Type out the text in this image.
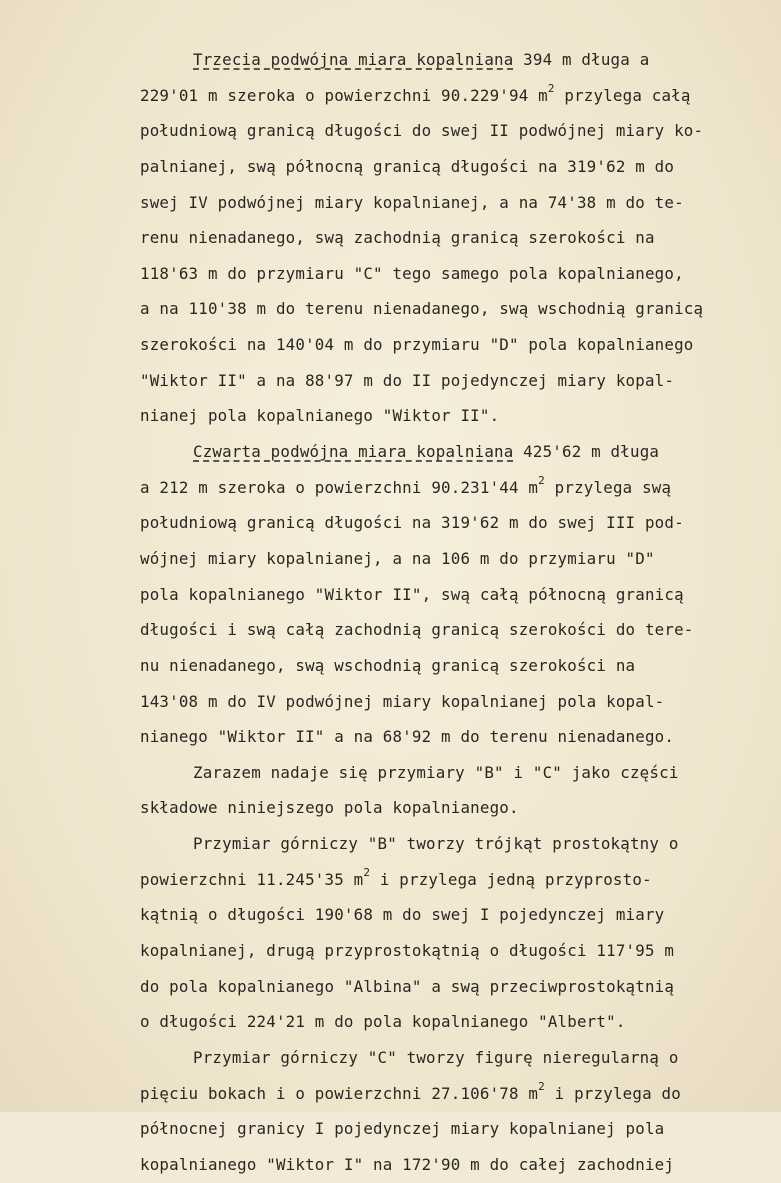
Trzecia podwójna miara kopalniana 394 m długa a
229'01 m szeroka o powierzchni 90.229'94 $m^2$ przylega całą
południową granicą długości do swej II podwójnej miary ko-
palnianej, swą północną granicą długości na 319'62 m do
swej IV podwójnej miary kopalnianej, a na 74'38 m do te-
renu nienadanego, swą zachodnią granicą szerokości na
118'63 m do przymiaru "C" tego samego pola kopalnianego,
a na 110'38 m do terenu nienadanego, swą wschodnią granicą
szerokości na 140'04 m do przymiaru "D" pola kopalnianego
"Wiktor II" a na 88'97 m do II pojedynczej miary kopal-
nianej pola kopalnianego "Wiktor II".
Czwarta podwójna miara kopalniana 425'62 m długa
a 212 m szeroka o powierzchni 90.231'44 $m^2$ przylega swą
południową granicą długości na 319'62 m do swej III pod-
wójnej miary kopalnianej, a na 106 m do przymiaru "D"
pola kopalnianego "Wiktor II", swą całą północną granicą
długości i swą całą zachodnią granicą szerokości do tere-
nu nienadanego, swą wschodnią granicą szerokości na
143'08 m do IV podwójnej miary kopalnianej pola kopal-
nianego "Wiktor II" a na 68'92 m do terenu nienadanego.
Zarazem nadaje się przymiary "B" i "C" jako części
składowe niniejszego pola kopalnianego.
Przymiar górniczy "B" tworzy trójkąt prostokątny o
powierzchni 11.245'35 $m^2$ i przylega jedną przyprosto-
kątnią o długości 190'68 m do swej I pojedynczej miary
kopalnianej, drugą przyprostokątnią o długości 117'95 m
do pola kopalnianego "Albina" a swą przeciwprostokątnią
o długości 224'21 m do pola kopalnianego "Albert".
Przymiar górniczy "C" tworzy figurę nieregularną o
pięciu bokach i o powierzchni 27.106'78 $m^2$ i przylega do
północnej granicy I pojedynczej miary kopalnianej pola
kopalnianego "Wiktor I" na 172'90 m do całej zachodniej
